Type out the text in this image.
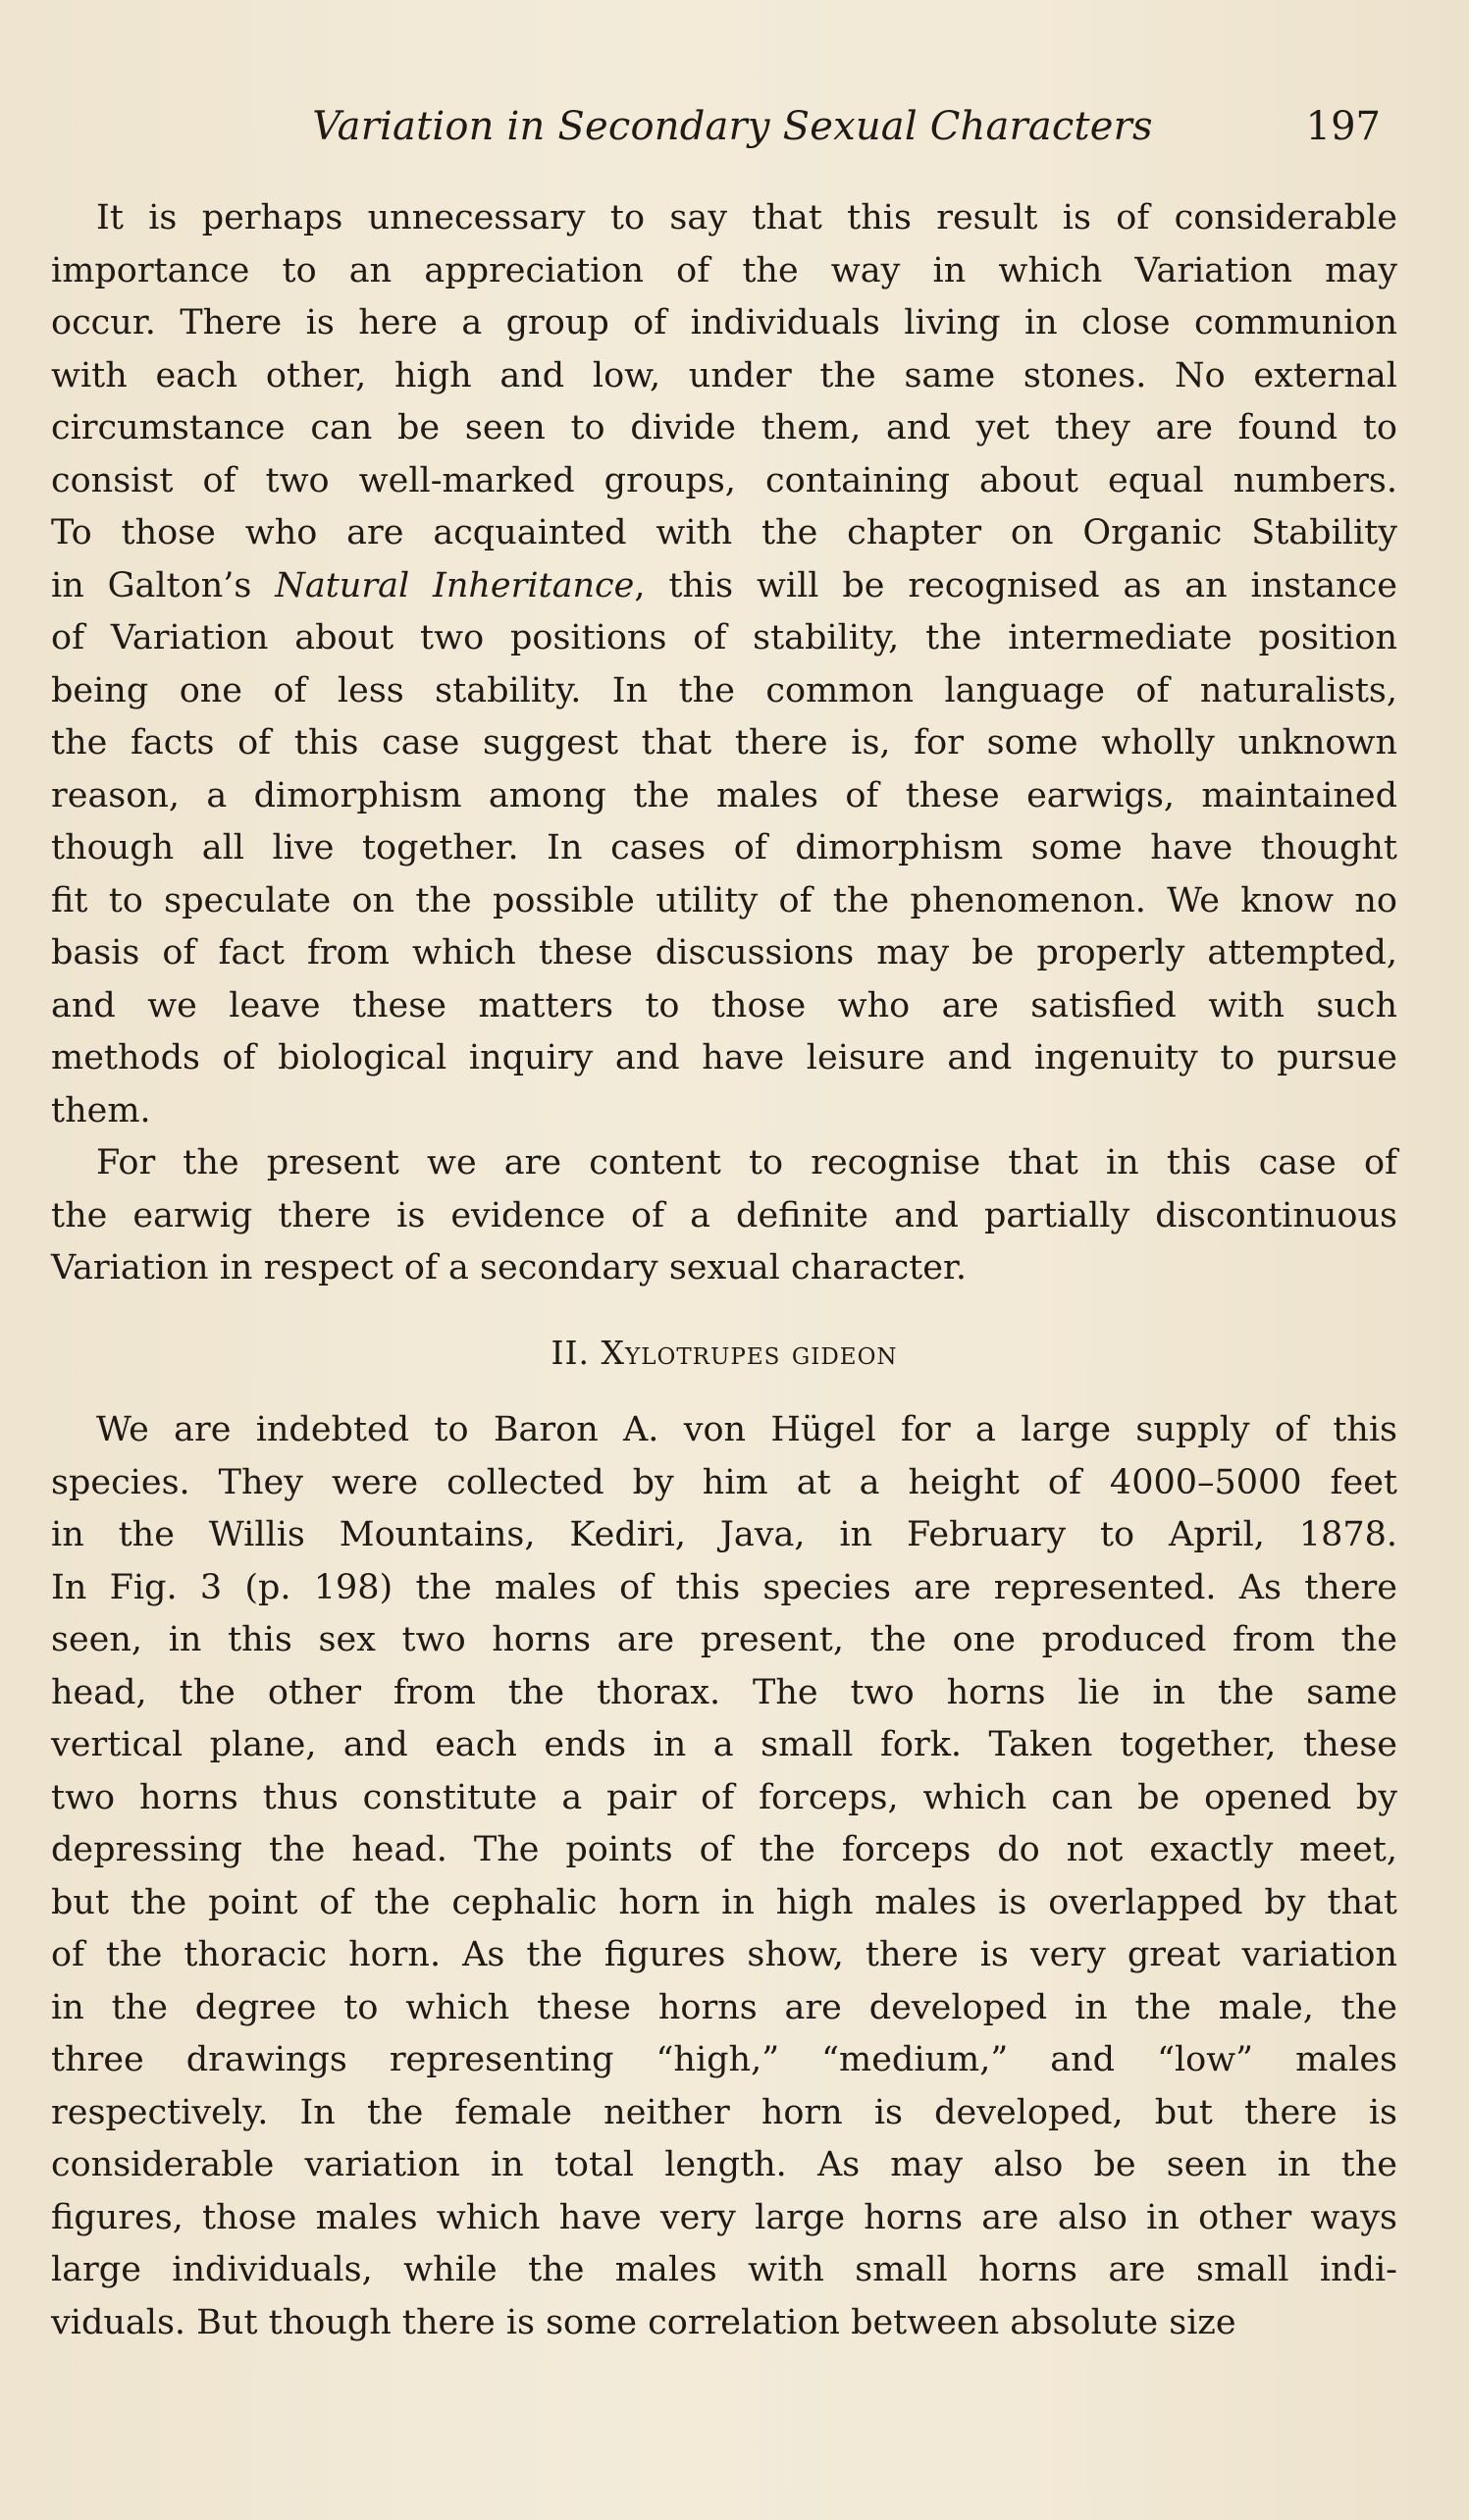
Variation in Secondary Sexual Characters	197
It is perhaps unnecessary to say that this result is of considerable
importance to an appreciation of the way in which Variation may
occur. There is here a group of individuals living in close communion
with each other, high and low, under the same stones. No external
circumstance can be seen to divide them, and yet they are found to
consist of two well-marked groups, containing about equal numbers.
To those who are acquainted with the chapter on Organic Stability
in Galton’s Natural Inheritance, this will be recognised as an instance
of Variation about two positions of stability, the intermediate position
being one of less stability. In the common language of naturalists,
the facts of this case suggest that there is, for some wholly unknown
reason, a dimorphism among the males of these earwigs, maintained
though all live together. In cases of dimorphism some have thought
fit to speculate on the possible utility of the phenomenon. We know no
basis of fact from which these discussions may be properly attempted,
and we leave these matters to those who are satisfied with such
methods of biological inquiry and have leisure and ingenuity to pursue
them.
For the present we are content to recognise that in this case of
the earwig there is evidence of a definite and partially discontinuous
Variation in respect of a secondary sexual character.
II. Xylotrupes gideon
We are indebted to Baron A. von Hügel for a large supply of this
species. They were collected by him at a height of 4000–5000 feet
in the Willis Mountains, Kediri, Java, in February to April, 1878.
In Fig. 3 (p. 198) the males of this species are represented. As there
seen, in this sex two horns are present, the one produced from the
head, the other from the thorax. The two horns lie in the same
vertical plane, and each ends in a small fork. Taken together, these
two horns thus constitute a pair of forceps, which can be opened by
depressing the head. The points of the forceps do not exactly meet,
but the point of the cephalic horn in high males is overlapped by that
of the thoracic horn. As the figures show, there is very great variation
in the degree to which these horns are developed in the male, the
three drawings representing “high,” “medium,” and “low” males
respectively. In the female neither horn is developed, but there is
considerable variation in total length. As may also be seen in the
figures, those males which have very large horns are also in other ways
large individuals, while the males with small horns are small indi-
viduals. But though there is some correlation between absolute size
